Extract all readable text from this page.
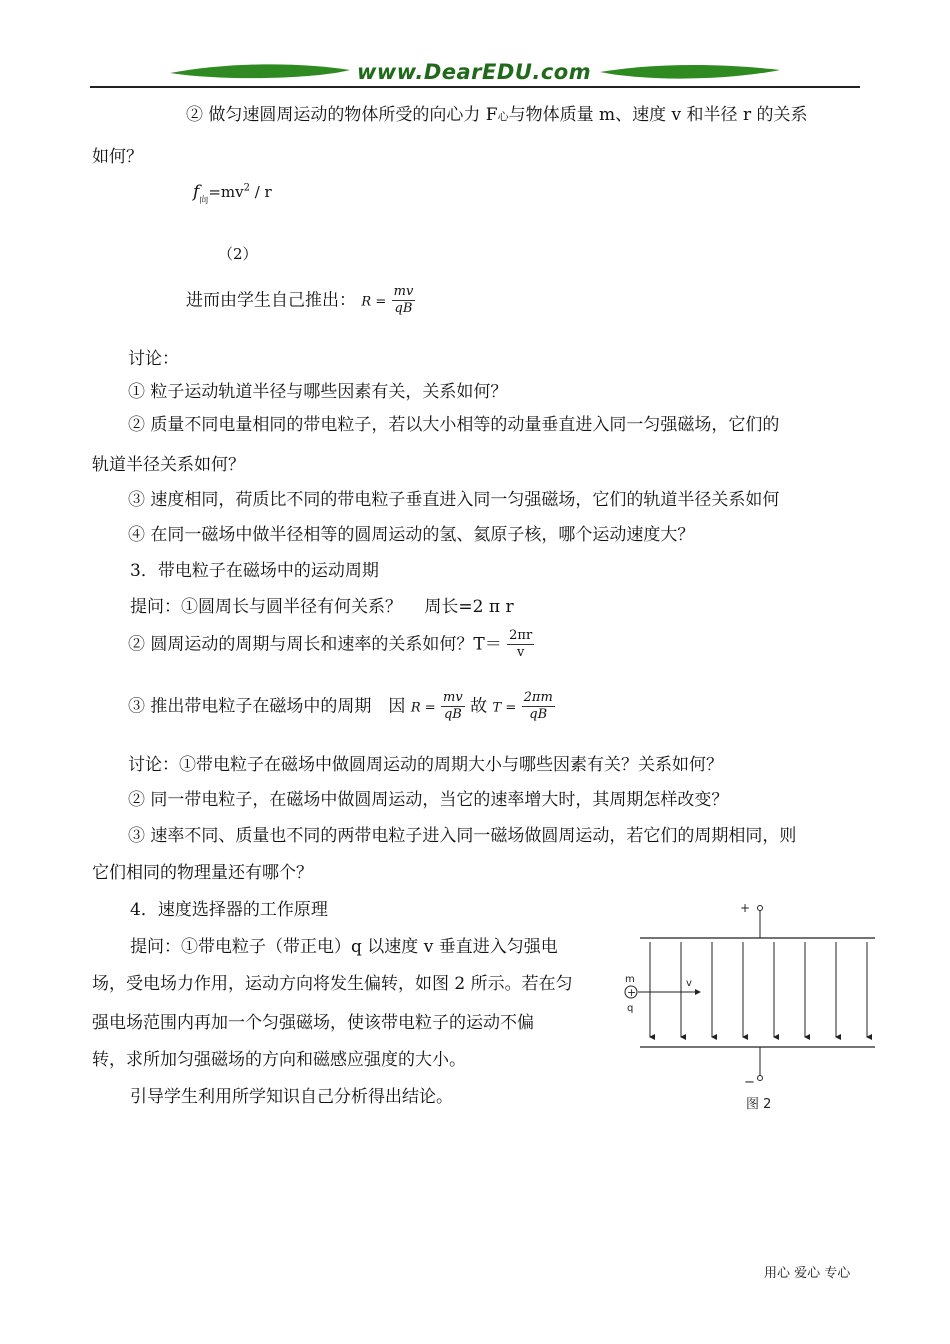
www.DearEDU.com
② 做匀速圆周运动的物体所受的向心力 F心与物体质量 m、速度 v 和半径 r 的关系
如何？
$f_向=mv^2 / r$
（2）
进而由学生自己推出： $R = \frac{mv}{qB}$
讨论：
① 粒子运动轨道半径与哪些因素有关，关系如何？
② 质量不同电量相同的带电粒子，若以大小相等的动量垂直进入同一匀强磁场，它们的
轨道半径关系如何？
③ 速度相同，荷质比不同的带电粒子垂直进入同一匀强磁场，它们的轨道半径关系如何
④ 在同一磁场中做半径相等的圆周运动的氢、氦原子核，哪个运动速度大？
3．带电粒子在磁场中的运动周期
提问：①圆周长与圆半径有何关系？　 周长=2 π r
② 圆周运动的周期与周长和速率的关系如何？$T= \frac{2\pi r}{v}$
③ 推出带电粒子在磁场中的周期　因 $R = \frac{mv}{qB}$ 故 $T = \frac{2\pi m}{qB}$
讨论：①带电粒子在磁场中做圆周运动的周期大小与哪些因素有关？关系如何？
② 同一带电粒子，在磁场中做圆周运动，当它的速率增大时，其周期怎样改变？
③ 速率不同、质量也不同的两带电粒子进入同一磁场做圆周运动，若它们的周期相同，则
它们相同的物理量还有哪个？
4．速度选择器的工作原理
提问：①带电粒子（带正电）q 以速度 v 垂直进入匀强电
场，受电场力作用，运动方向将发生偏转，如图 2 所示。若在匀
强电场范围内再加一个匀强磁场，使该带电粒子的运动不偏
转，求所加匀强磁场的方向和磁感应强度的大小。
引导学生利用所学知识自己分析得出结论。
+
m
+
q
v
−
图 2
用心 爱心 专心
